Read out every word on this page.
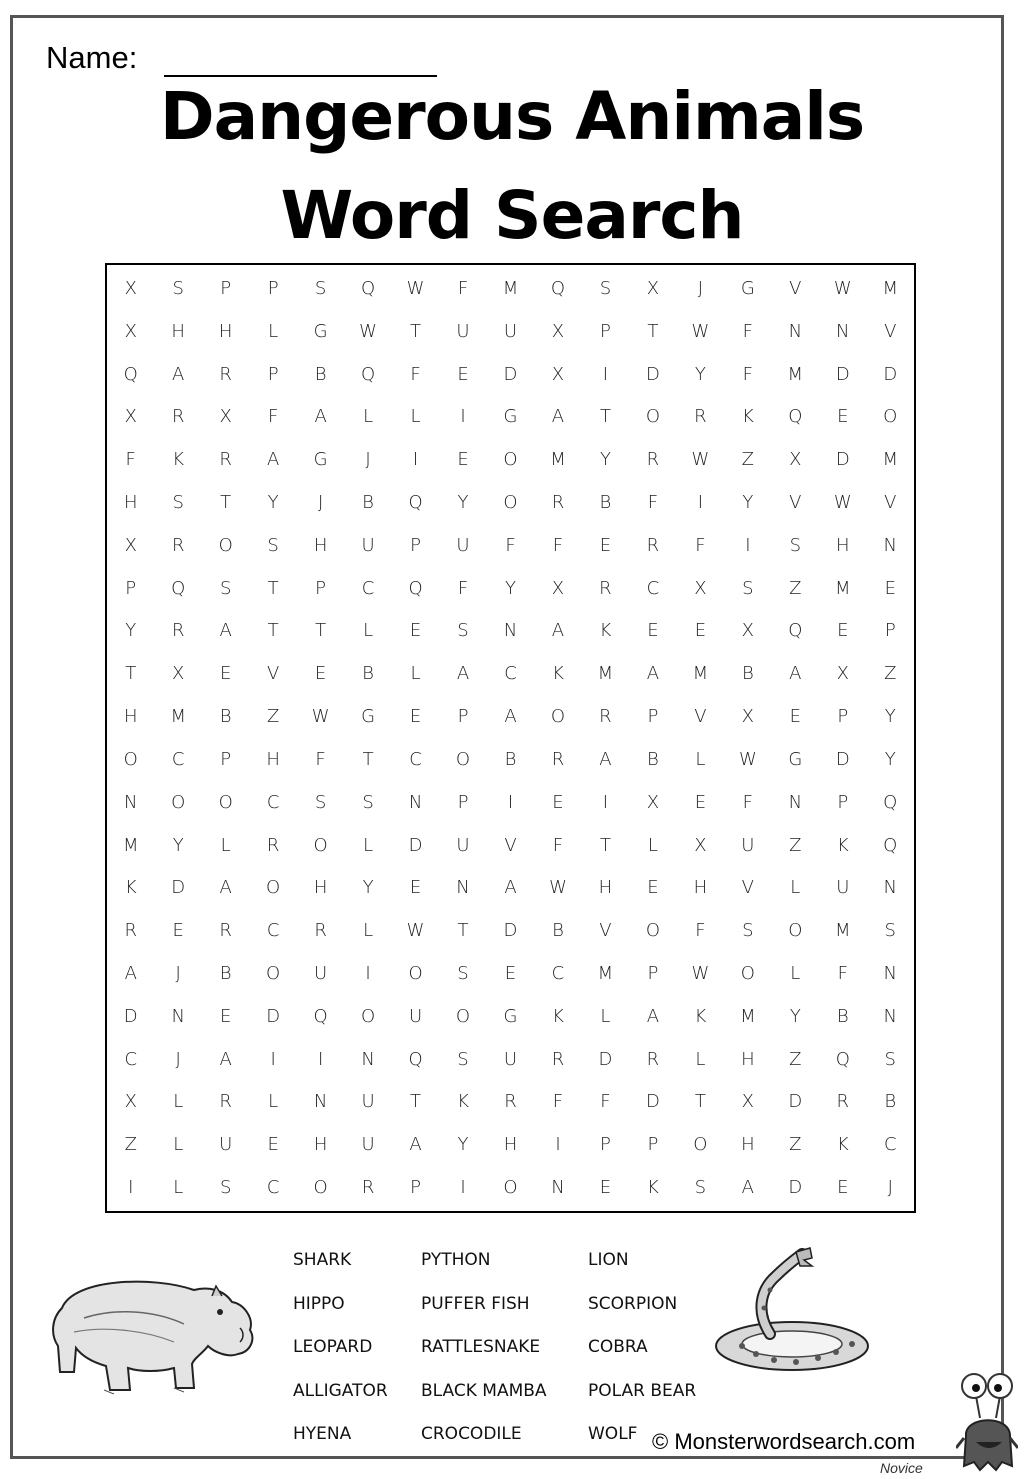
Name:
Dangerous Animals
Word Search
X	S	P	P	S	Q	W	F	M	Q	S	X	J	G	V	W	M
X	H	H	L	G	W	T	U	U	X	P	T	W	F	N	N	V
Q	A	R	P	B	Q	F	E	D	X	I	D	Y	F	M	D	D
X	R	X	F	A	L	L	I	G	A	T	O	R	K	Q	E	O
F	K	R	A	G	J	I	E	O	M	Y	R	W	Z	X	D	M
H	S	T	Y	J	B	Q	Y	O	R	B	F	I	Y	V	W	V
X	R	O	S	H	U	P	U	F	F	E	R	F	I	S	H	N
P	Q	S	T	P	C	Q	F	Y	X	R	C	X	S	Z	M	E
Y	R	A	T	T	L	E	S	N	A	K	E	E	X	Q	E	P
T	X	E	V	E	B	L	A	C	K	M	A	M	B	A	X	Z
H	M	B	Z	W	G	E	P	A	O	R	P	V	X	E	P	Y
O	C	P	H	F	T	C	O	B	R	A	B	L	W	G	D	Y
N	O	O	C	S	S	N	P	I	E	I	X	E	F	N	P	Q
M	Y	L	R	O	L	D	U	V	F	T	L	X	U	Z	K	Q
K	D	A	O	H	Y	E	N	A	W	H	E	H	V	L	U	N
R	E	R	C	R	L	W	T	D	B	V	O	F	S	O	M	S
A	J	B	O	U	I	O	S	E	C	M	P	W	O	L	F	N
D	N	E	D	Q	O	U	O	G	K	L	A	K	M	Y	B	N
C	J	A	I	I	N	Q	S	U	R	D	R	L	H	Z	Q	S
X	L	R	L	N	U	T	K	R	F	F	D	T	X	D	R	B
Z	L	U	E	H	U	A	Y	H	I	P	P	O	H	Z	K	C
I	L	S	C	O	R	P	I	O	N	E	K	S	A	D	E	J
SHARK
HIPPO
LEOPARD
ALLIGATOR
HYENA
PYTHON
PUFFER FISH
RATTLESNAKE
BLACK MAMBA
CROCODILE
LION
SCORPION
COBRA
POLAR BEAR
WOLF © Monsterwordsearch.com
Novice
